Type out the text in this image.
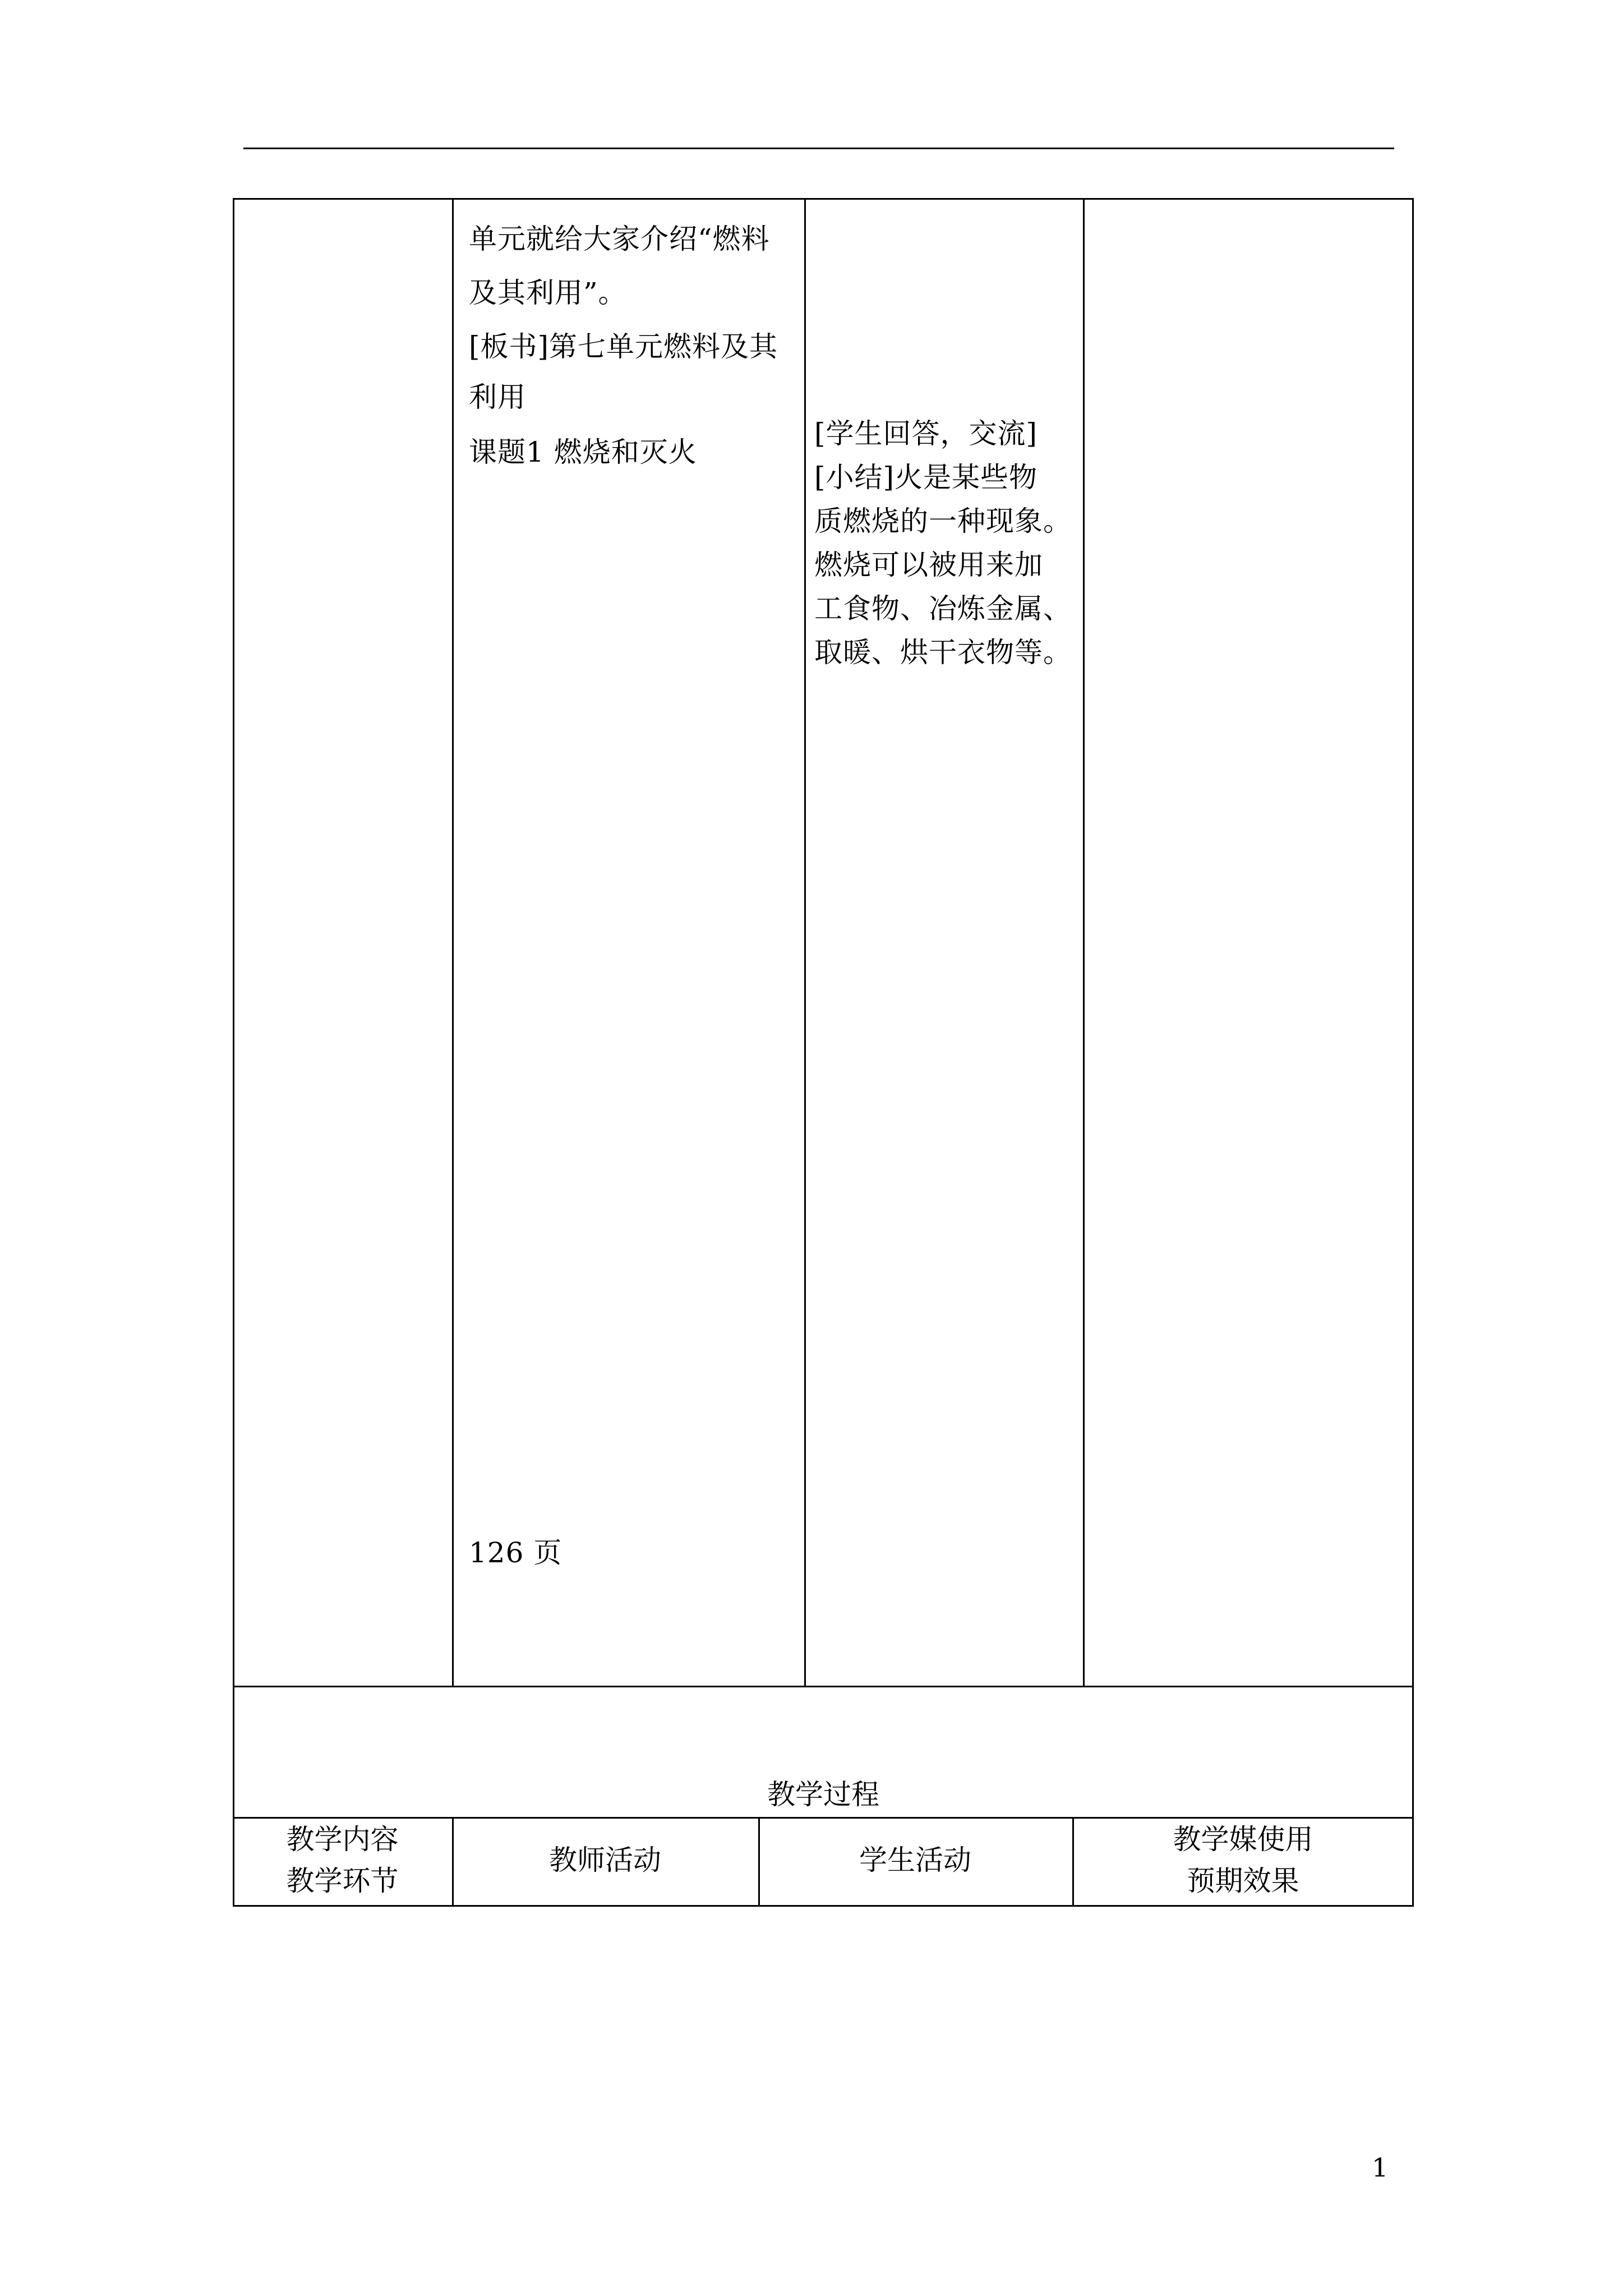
单元就给大家介绍“燃料
及其利用”。
[板书]第七单元燃料及其
利用
课题1 燃烧和灭火
126 页
[学生回答，交流]
[小结]火是某些物
质燃烧的一种现象。
燃烧可以被用来加
工食物、冶炼金属、
取暖、烘干衣物等。
教学过程
教学内容
教学环节
教师活动	学生活动
教学媒使用
预期效果
1
